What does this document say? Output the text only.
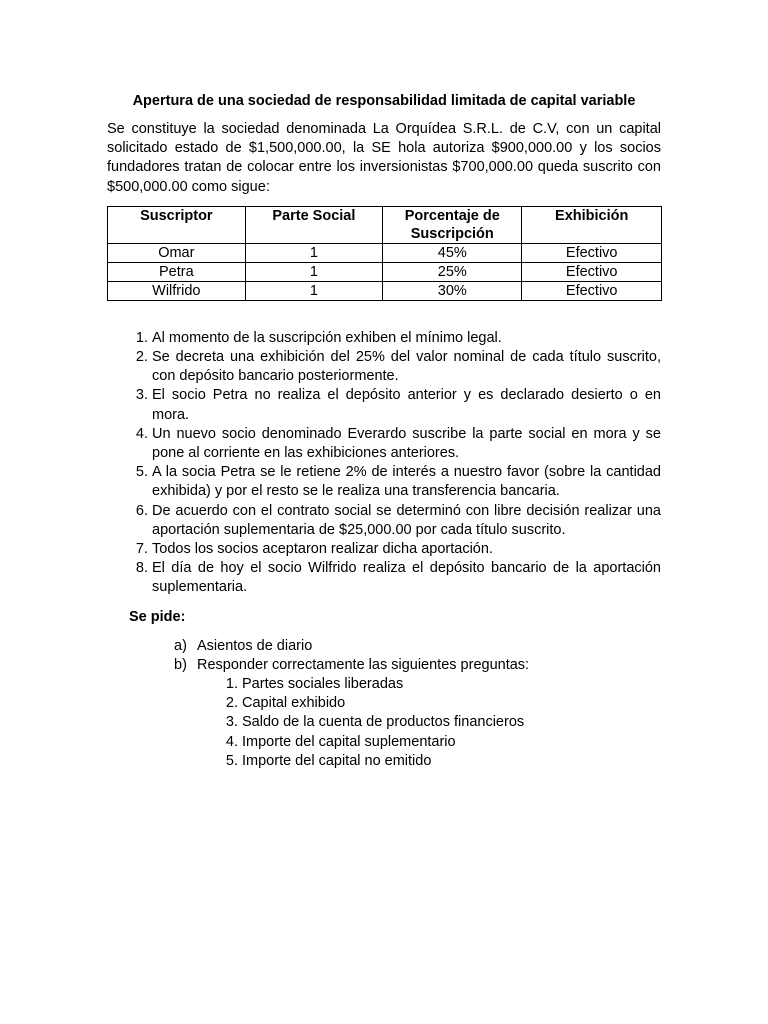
Apertura de una sociedad de responsabilidad limitada de capital variable

Se constituye la sociedad denominada La Orquídea S.R.L. de C.V, con un capital solicitado estado de $1,500,000.00, la SE hola autoriza $900,000.00 y los socios fundadores tratan de colocar entre los inversionistas $700,000.00 queda suscrito con $500,000.00 como sigue:

Suscriptor	Parte Social	Porcentaje de Suscripción	Exhibición
Omar	1	45%	Efectivo
Petra	1	25%	Efectivo
Wilfrido	1	30%	Efectivo
1. Al momento de la suscripción exhiben el mínimo legal.
2. Se decreta una exhibición del 25% del valor nominal de cada título suscrito, con depósito bancario posteriormente.
3. El socio Petra no realiza el depósito anterior y es declarado desierto o en mora.
4. Un nuevo socio denominado Everardo suscribe la parte social en mora y se pone al corriente en las exhibiciones anteriores.
5. A la socia Petra se le retiene 2% de interés a nuestro favor (sobre la cantidad exhibida) y por el resto se le realiza una transferencia bancaria.
6. De acuerdo con el contrato social se determinó con libre decisión realizar una aportación suplementaria de $25,000.00 por cada título suscrito.
7. Todos los socios aceptaron realizar dicha aportación.
8. El día de hoy el socio Wilfrido realiza el depósito bancario de la aportación suplementaria.
Se pide:
a) Asientos de diario
b) Responder correctamente las siguientes preguntas:
1. Partes sociales liberadas
2. Capital exhibido
3. Saldo de la cuenta de productos financieros
4. Importe del capital suplementario
5. Importe del capital no emitido
